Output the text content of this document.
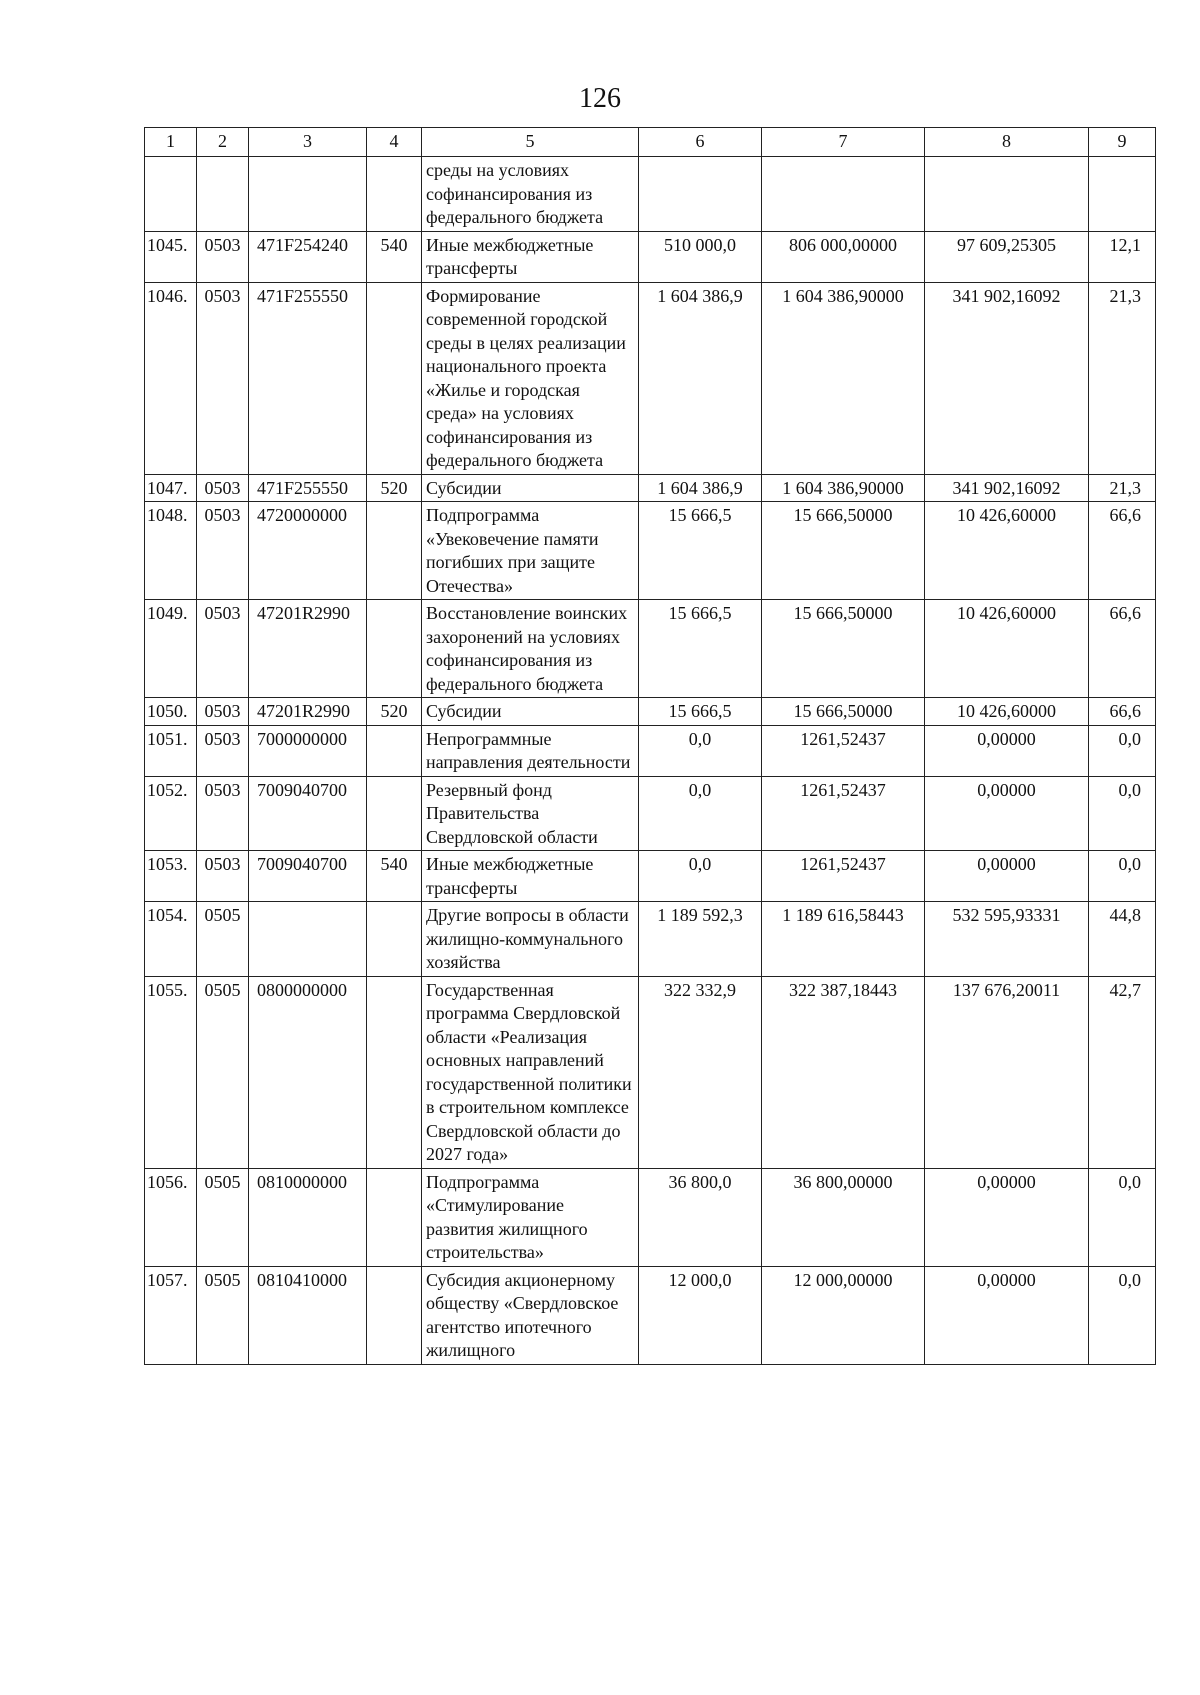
126
1	2	3	4	5	6	7	8	9
				среды на условиях софинансирования из федерального бюджета				
1045.	0503	471F254240	540	Иные межбюджетные трансферты	510 000,0	806 000,00000	97 609,25305	12,1
1046.	0503	471F255550		Формирование современной городской среды в целях реализации национального проекта «Жилье и городская среда» на условиях софинансирования из федерального бюджета	1 604 386,9	1 604 386,90000	341 902,16092	21,3
1047.	0503	471F255550	520	Субсидии	1 604 386,9	1 604 386,90000	341 902,16092	21,3
1048.	0503	4720000000		Подпрограмма «Увековечение памяти погибших при защите Отечества»	15 666,5	15 666,50000	10 426,60000	66,6
1049.	0503	47201R2990		Восстановление воинских захоронений на условиях софинансирования из федерального бюджета	15 666,5	15 666,50000	10 426,60000	66,6
1050.	0503	47201R2990	520	Субсидии	15 666,5	15 666,50000	10 426,60000	66,6
1051.	0503	7000000000		Непрограммные направления деятельности	0,0	1261,52437	0,00000	0,0
1052.	0503	7009040700		Резервный фонд Правительства Свердловской области	0,0	1261,52437	0,00000	0,0
1053.	0503	7009040700	540	Иные межбюджетные трансферты	0,0	1261,52437	0,00000	0,0
1054.	0505			Другие вопросы в области жилищно-коммунального хозяйства	1 189 592,3	1 189 616,58443	532 595,93331	44,8
1055.	0505	0800000000		Государственная программа Свердловской области «Реализация основных направлений государственной политики в строительном комплексе Свердловской области до 2027 года»	322 332,9	322 387,18443	137 676,20011	42,7
1056.	0505	0810000000		Подпрограмма «Стимулирование развития жилищного строительства»	36 800,0	36 800,00000	0,00000	0,0
1057.	0505	0810410000		Субсидия акционерному обществу «Свердловское агентство ипотечного жилищного	12 000,0	12 000,00000	0,00000	0,0
